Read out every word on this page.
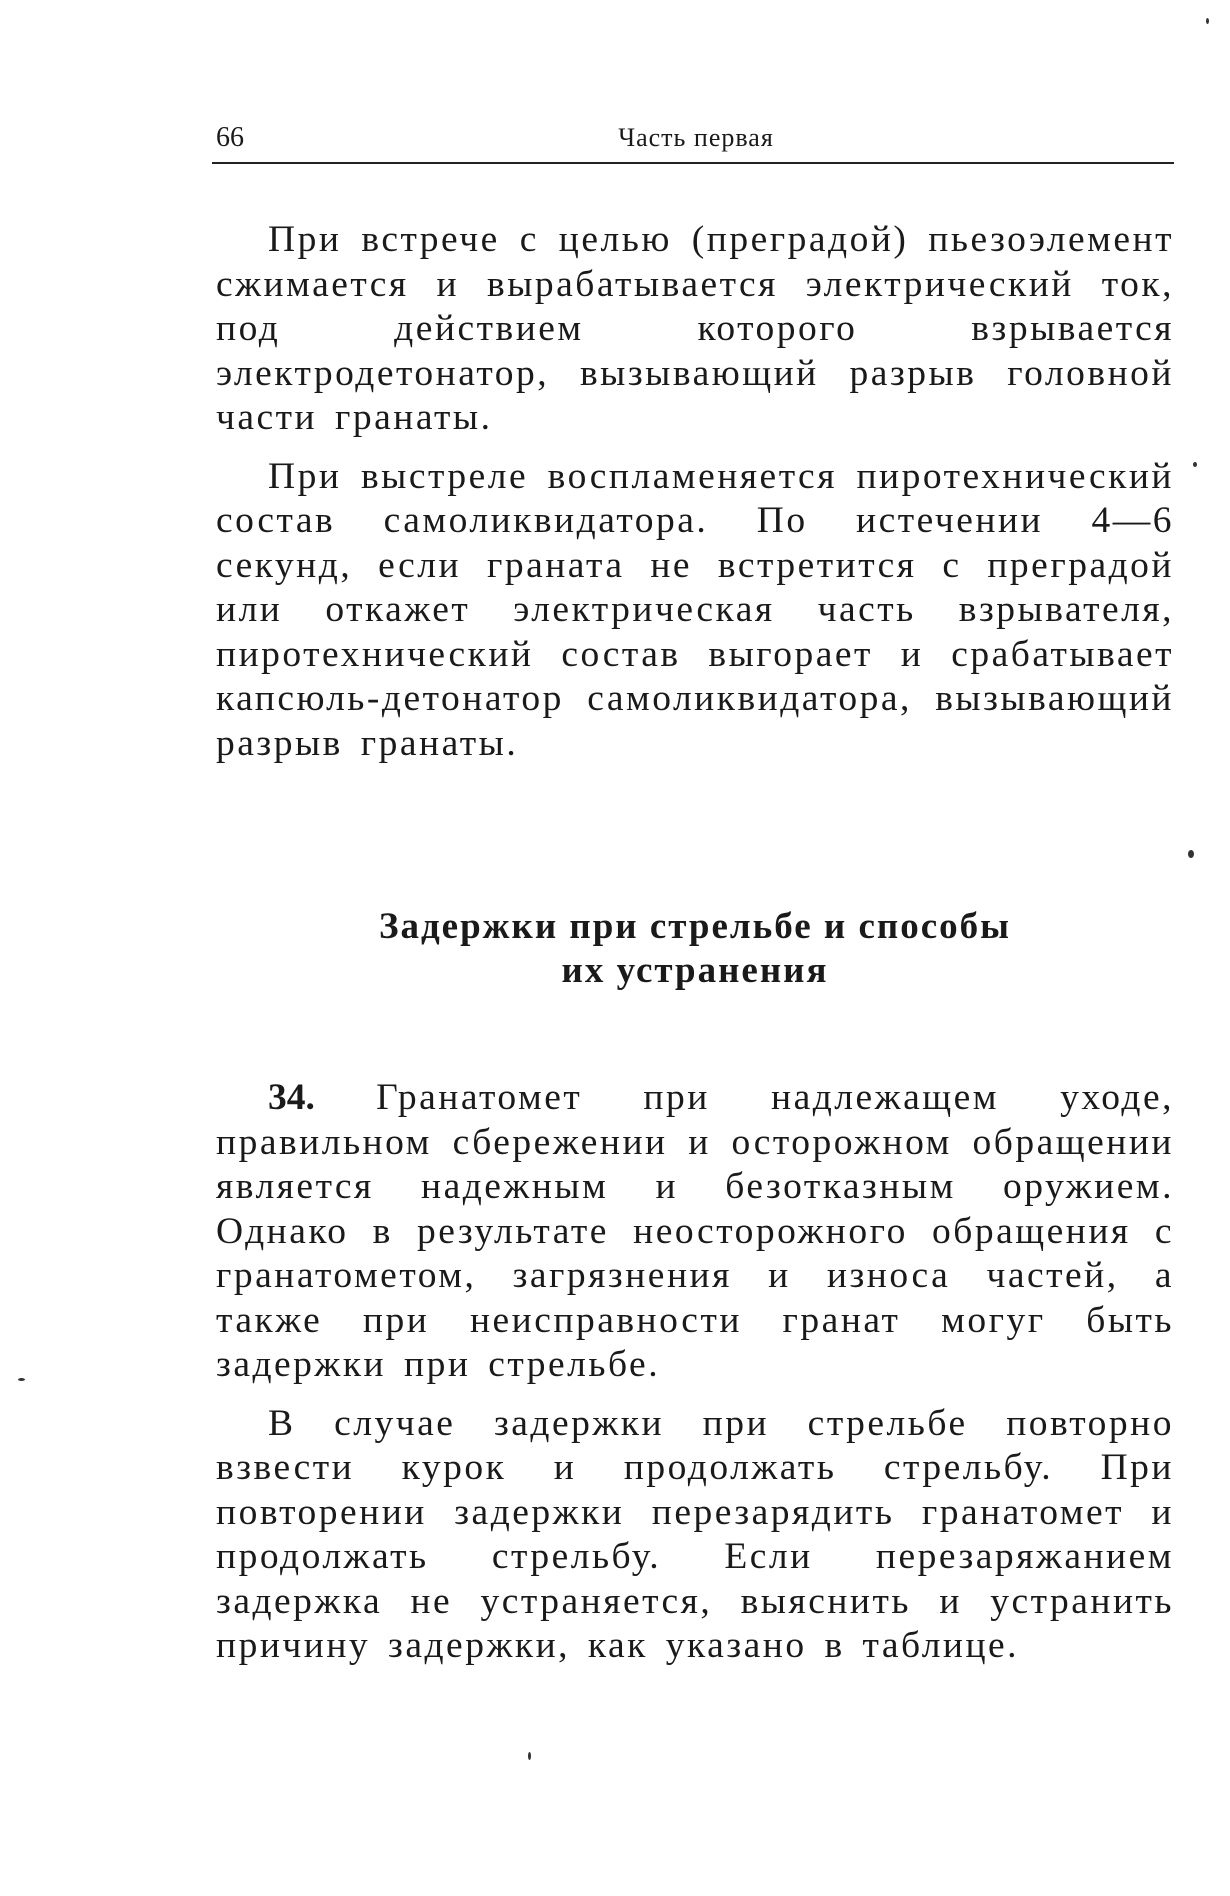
66	Часть первая

При встрече с целью (преградой) пьезоэлемент сжимается и вырабатывается электрический ток, под действием которого взрывается электродетонатор, вызывающий разрыв головной части гранаты.

При выстреле воспламеняется пиротехнический состав самоликвидатора. По истечении 4—6 секунд, если граната не встретится с преградой или откажет электрическая часть взрывателя, пиротехнический состав выгорает и срабатывает капсюль-детонатор самоликвидатора, вызывающий разрыв гранаты.

Задержки при стрельбе и способы
их устранения

34. Гранатомет при надлежащем уходе, правильном сбережении и осторожном обращении является надежным и безотказным оружием. Однако в результате неосторожного обращения с гранатометом, загрязнения и износа частей, а также при неисправности гранат могуг быть задержки при стрельбе.

В случае задержки при стрельбе повторно взвести курок и продолжать стрельбу. При повторении задержки перезарядить гранатомет и продолжать стрельбу. Если перезаряжанием задержка не устраняется, выяснить и устранить причину задержки, как указано в таблице.
